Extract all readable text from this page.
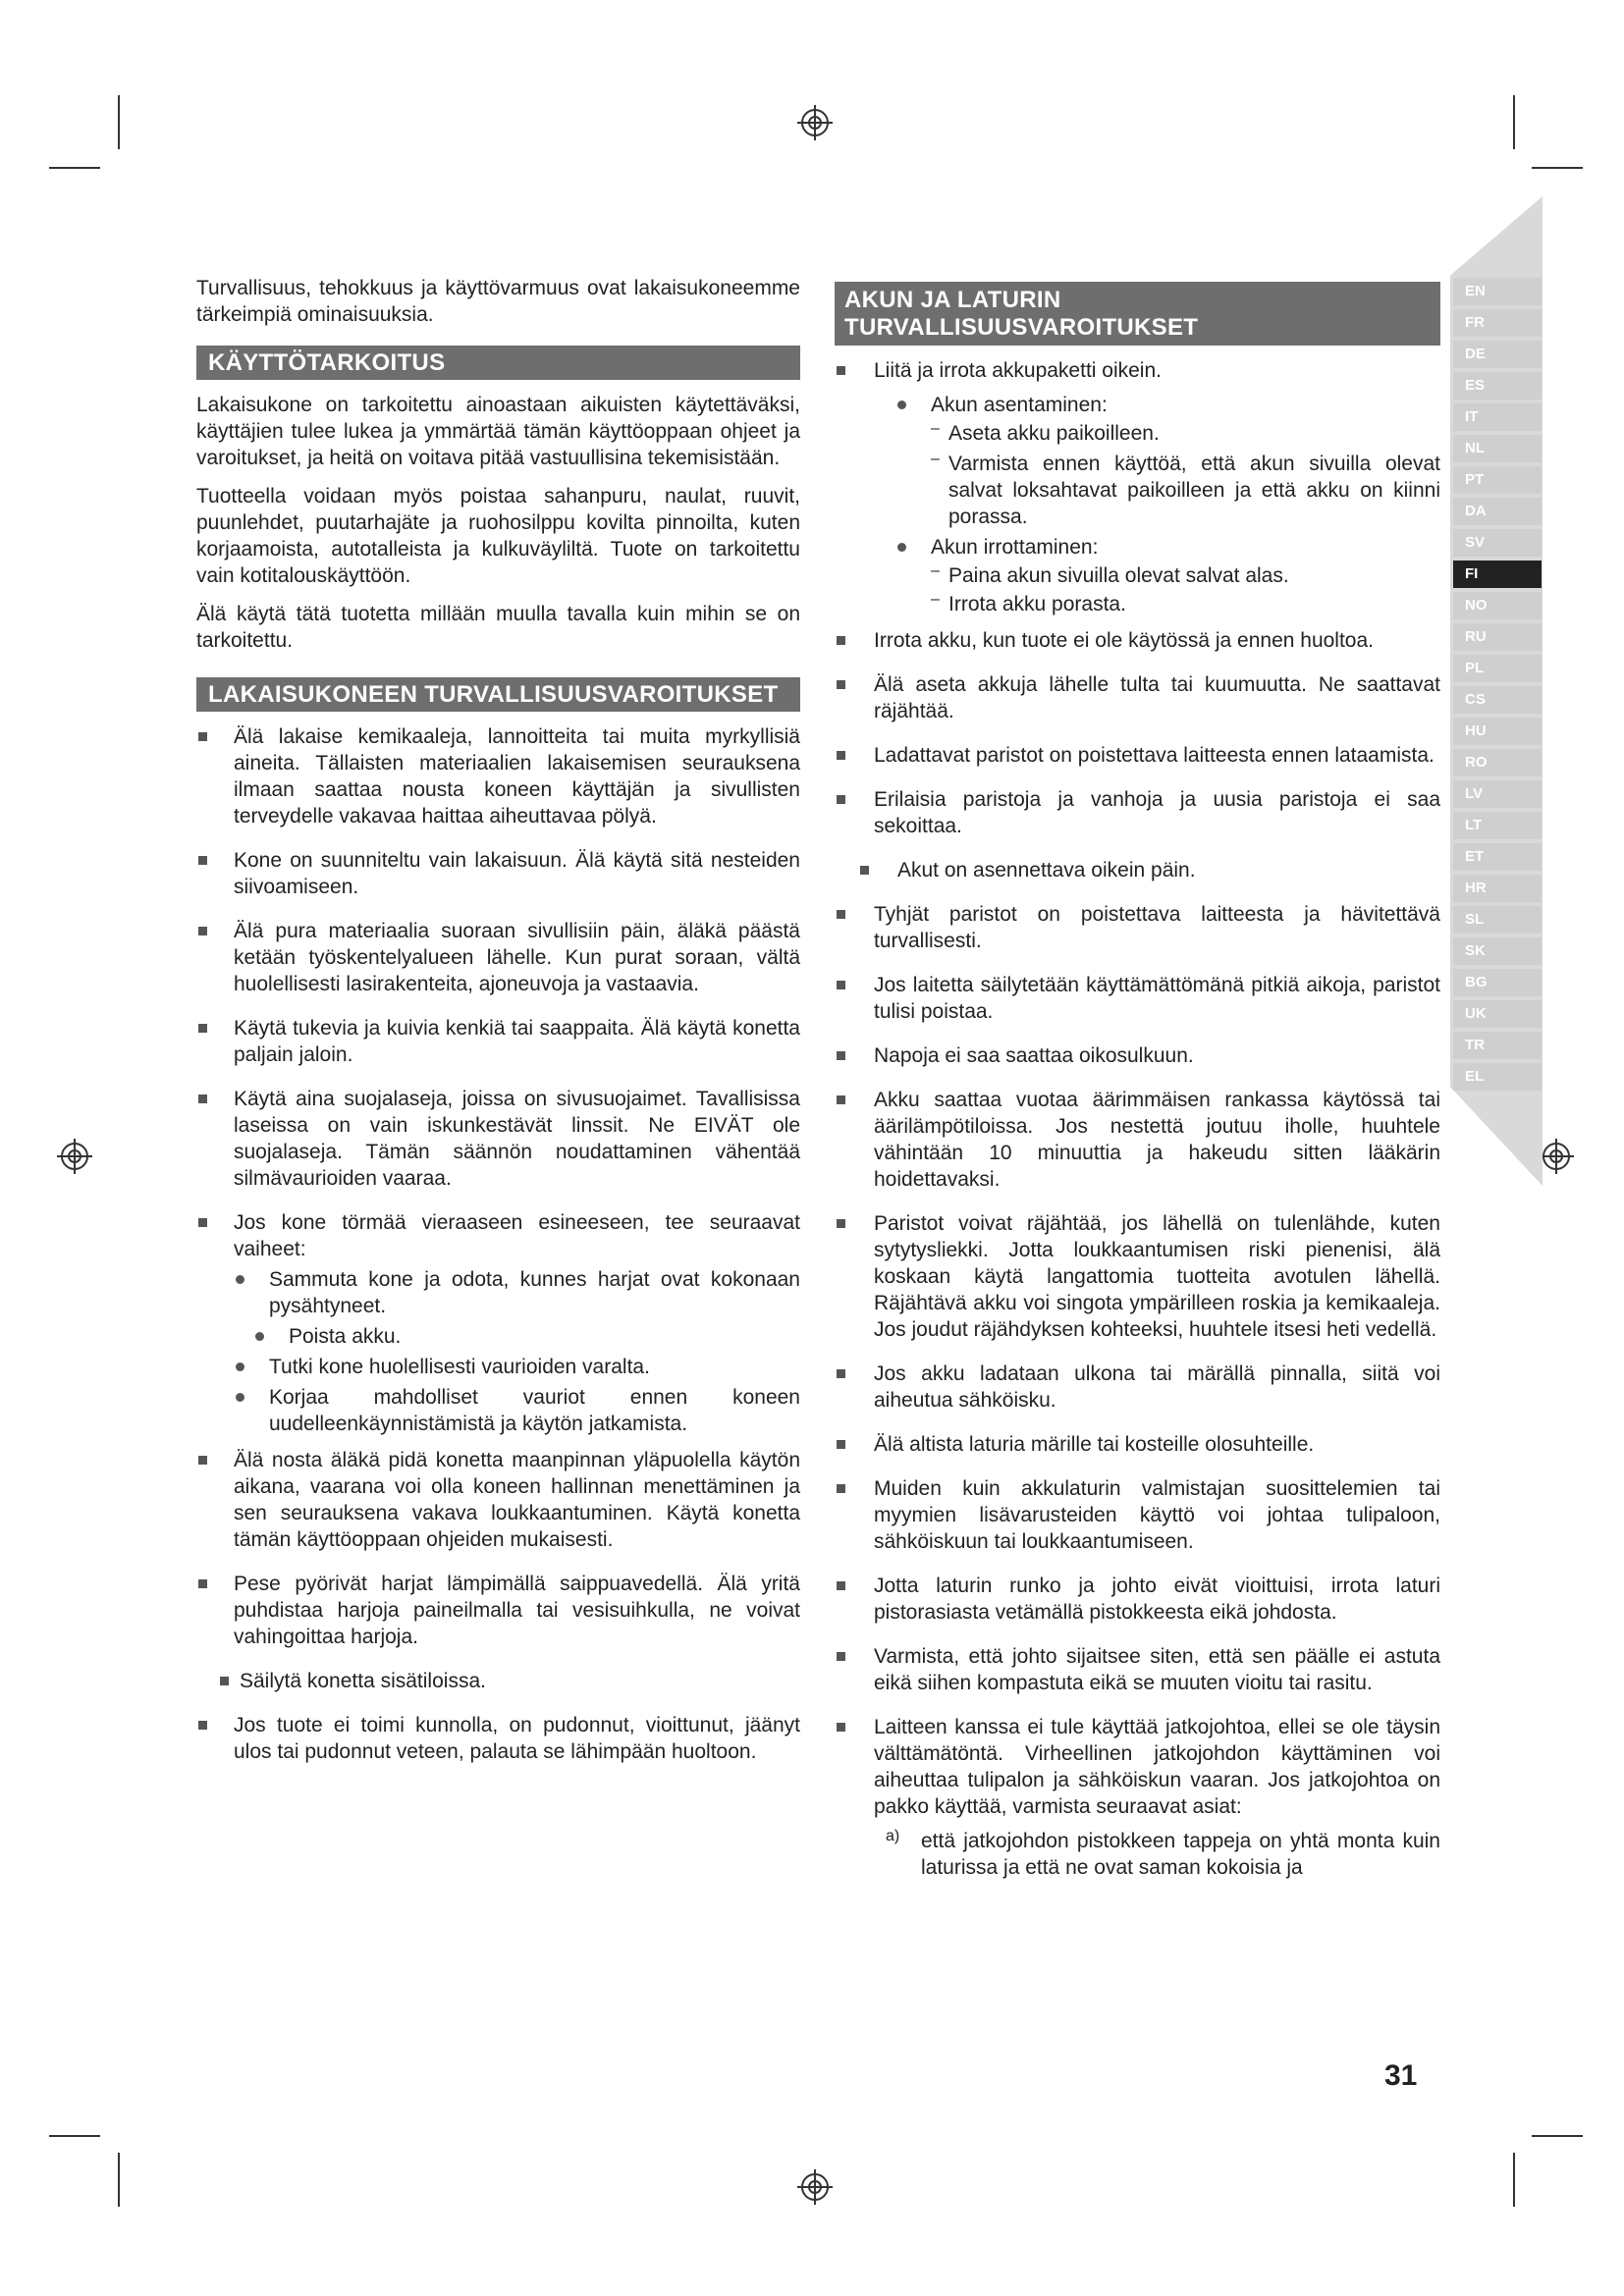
Turvallisuus, tehokkuus ja käyttövarmuus ovat lakaisukoneemme tärkeimpiä ominaisuuksia.

KÄYTTÖTARKOITUS

Lakaisukone on tarkoitettu ainoastaan aikuisten käytettäväksi, käyttäjien tulee lukea ja ymmärtää tämän käyttöoppaan ohjeet ja varoitukset, ja heitä on voitava pitää vastuullisina tekemisistään.

Tuotteella voidaan myös poistaa sahanpuru, naulat, ruuvit, puunlehdet, puutarhajäte ja ruohosilppu kovilta pinnoilta, kuten korjaamoista, autotalleista ja kulkuväyliltä. Tuote on tarkoitettu vain kotitalouskäyttöön.

Älä käytä tätä tuotetta millään muulla tavalla kuin mihin se on tarkoitettu.

LAKAISUKONEEN TURVALLISUUSVAROITUKSET

Älä lakaise kemikaaleja, lannoitteita tai muita myrkyllisiä aineita. Tällaisten materiaalien lakaisemisen seurauksena ilmaan saattaa nousta koneen käyttäjän ja sivullisten terveydelle vakavaa haittaa aiheuttavaa pölyä.

Kone on suunniteltu vain lakaisuun. Älä käytä sitä nesteiden siivoamiseen.

Älä pura materiaalia suoraan sivullisiin päin, äläkä päästä ketään työskentelyalueen lähelle. Kun purat soraan, vältä huolellisesti lasirakenteita, ajoneuvoja ja vastaavia.

Käytä tukevia ja kuivia kenkiä tai saappaita. Älä käytä konetta paljain jaloin.

Käytä aina suojalaseja, joissa on sivusuojaimet. Tavallisissa laseissa on vain iskunkestävät linssit. Ne EIVÄT ole suojalaseja. Tämän säännön noudattaminen vähentää silmävaurioiden vaaraa.

Jos kone törmää vieraaseen esineeseen, tee seuraavat vaiheet:

Sammuta kone ja odota, kunnes harjat ovat kokonaan pysähtyneet.

Poista akku.

Tutki kone huolellisesti vaurioiden varalta.

Korjaa mahdolliset vauriot ennen koneen uudelleenkäynnistämistä ja käytön jatkamista.

Älä nosta äläkä pidä konetta maanpinnan yläpuolella käytön aikana, vaarana voi olla koneen hallinnan menettäminen ja sen seurauksena vakava loukkaantuminen. Käytä konetta tämän käyttöoppaan ohjeiden mukaisesti.

Pese pyörivät harjat lämpimällä saippuavedellä. Älä yritä puhdistaa harjoja paineilmalla tai vesisuihkulla, ne voivat vahingoittaa harjoja.

Säilytä konetta sisätiloissa.

Jos tuote ei toimi kunnolla, on pudonnut, vioittunut, jäänyt ulos tai pudonnut veteen, palauta se lähimpään huoltoon.

AKUN JA LATURIN
TURVALLISUUSVAROITUKSET

Liitä ja irrota akkupaketti oikein.

Akun asentaminen:

– Aseta akku paikoilleen.

– Varmista ennen käyttöä, että akun sivuilla olevat salvat loksahtavat paikoilleen ja että akku on kiinni porassa.

Akun irrottaminen:

– Paina akun sivuilla olevat salvat alas.

– Irrota akku porasta.

Irrota akku, kun tuote ei ole käytössä ja ennen huoltoa.

Älä aseta akkuja lähelle tulta tai kuumuutta. Ne saattavat räjähtää.

Ladattavat paristot on poistettava laitteesta ennen lataamista.

Erilaisia paristoja ja vanhoja ja uusia paristoja ei saa sekoittaa.

Akut on asennettava oikein päin.

Tyhjät paristot on poistettava laitteesta ja hävitettävä turvallisesti.

Jos laitetta säilytetään käyttämättömänä pitkiä aikoja, paristot tulisi poistaa.

Napoja ei saa saattaa oikosulkuun.

Akku saattaa vuotaa äärimmäisen rankassa käytössä tai äärilämpötiloissa. Jos nestettä joutuu iholle, huuhtele vähintään 10 minuuttia ja hakeudu sitten lääkärin hoidettavaksi.

Paristot voivat räjähtää, jos lähellä on tulenlähde, kuten sytytysliekki. Jotta loukkaantumisen riski pienenisi, älä koskaan käytä langattomia tuotteita avotulen lähellä. Räjähtävä akku voi singota ympärilleen roskia ja kemikaaleja. Jos joudut räjähdyksen kohteeksi, huuhtele itsesi heti vedellä.

Jos akku ladataan ulkona tai märällä pinnalla, siitä voi aiheutua sähköisku.

Älä altista laturia märille tai kosteille olosuhteille.

Muiden kuin akkulaturin valmistajan suosittelemien tai myymien lisävarusteiden käyttö voi johtaa tulipaloon, sähköiskuun tai loukkaantumiseen.

Jotta laturin runko ja johto eivät vioittuisi, irrota laturi pistorasiasta vetämällä pistokkeesta eikä johdosta.

Varmista, että johto sijaitsee siten, että sen päälle ei astuta eikä siihen kompastuta eikä se muuten vioitu tai rasitu.

Laitteen kanssa ei tule käyttää jatkojohtoa, ellei se ole täysin välttämätöntä. Virheellinen jatkojohdon käyttäminen voi aiheuttaa tulipalon ja sähköiskun vaaran. Jos jatkojohtoa on pakko käyttää, varmista seuraavat asiat:

a) että jatkojohdon pistokkeen tappeja on yhtä monta kuin laturissa ja että ne ovat saman kokoisia ja

EN
FR
DE
ES
IT
NL
PT
DA
SV
FI
NO
RU
PL
CS
HU
RO
LV
LT
ET
HR
SL
SK
BG
UK
TR
EL
31
